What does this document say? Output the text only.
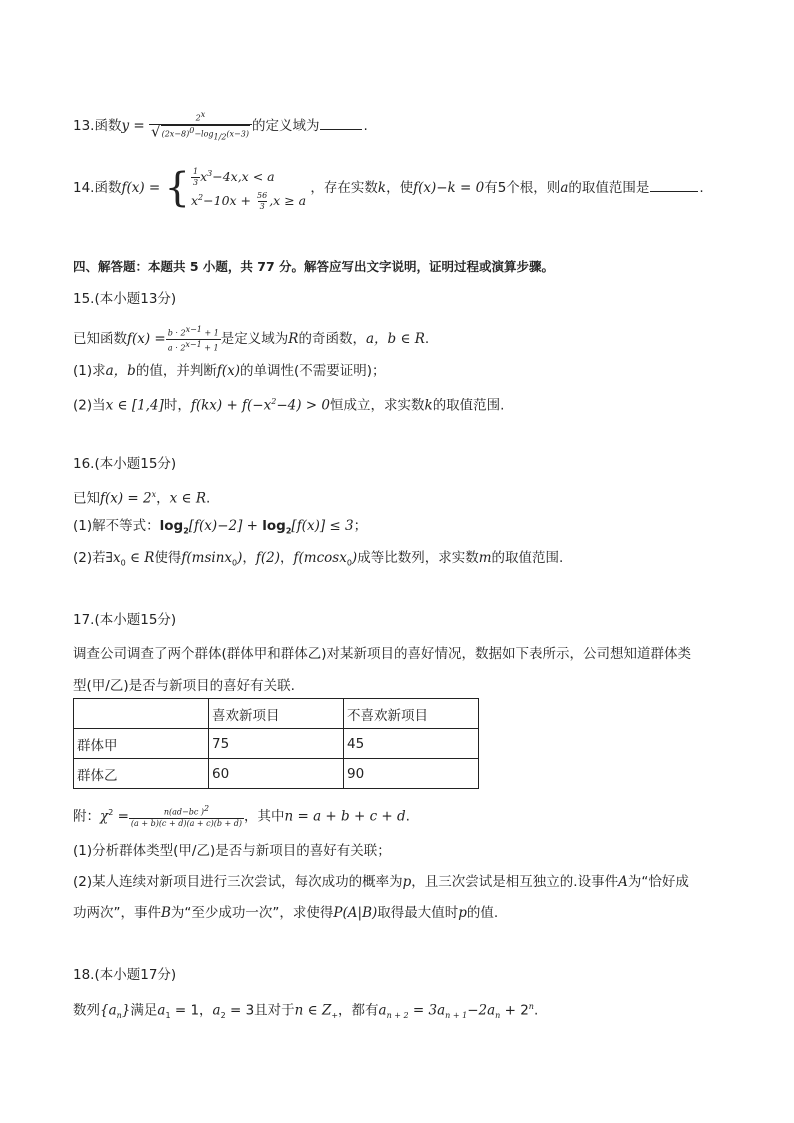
13.函数$y = \frac{2^x}{√(2x-8)^0-\log_{1/2}(x-3)}$ 的定义域为	.
14.函数f(x) = { $\frac{1}{3} x^3-4x,x < a$
$x^2-10x + \frac{56}{3} ,x \ge a$
，存在实数k，使f(x)−k = 0有5个根，则a的取值范围是	.
四、解答题：本题共 5 小题，共 77 分。解答应写出文字说明，证明过程或演算步骤。
15.(本小题13分)
已知函数$f(x) = \frac{b \cdot 2^{x-1} + 1}{a \cdot 2^{x-1} + 1}$ 是定义域为R的奇函数，a，b ∈ R.
(1)求a，b的值，并判断f(x)的单调性(不需要证明)；
(2)当x ∈ [1,4]时，$f(kx) + f(-x^2-4) > 0$恒成立，求实数k的取值范围.
16.(本小题15分)
已知$f(x) = 2^x$，x ∈ R.
(1)解不等式：$\log_2[f(x)-2] + \log_2[f(x)] \le 3$；
(2)若$\exists x_0$ ∈ R使得f(msinx$_0$)，f(2)，f(mcosx$_0$)成等比数列，求实数m的取值范围.
17.(本小题15分)
调查公司调查了两个群体(群体甲和群体乙)对某新项目的喜好情况，数据如下表所示，公司想知道群体类
型(甲/乙)是否与新项目的喜好有关联.
	喜欢新项目	不喜欢新项目
群体甲	75	45
群体乙	60	90
附：$\chi^2 = \frac{n(ad-bc )^2}{(a + b)(c + d)(a + c)(b + d)}$ ，其中n = a + b + c + d.
(1)分析群体类型(甲/乙)是否与新项目的喜好有关联；
(2)某人连续对新项目进行三次尝试，每次成功的概率为p，且三次尝试是相互独立的.设事件A为“恰好成
功两次”，事件B为“至少成功一次”，求使得P(A|B)取得最大值时p的值.
18.(本小题17分)
数列$\{a_n\}$满足$a_1 = 1$，$a_2 = 3$且对于n ∈ $Z_+$，都有$a_{n + 2} = 3a_{n + 1}-2a_n + 2^n$.
